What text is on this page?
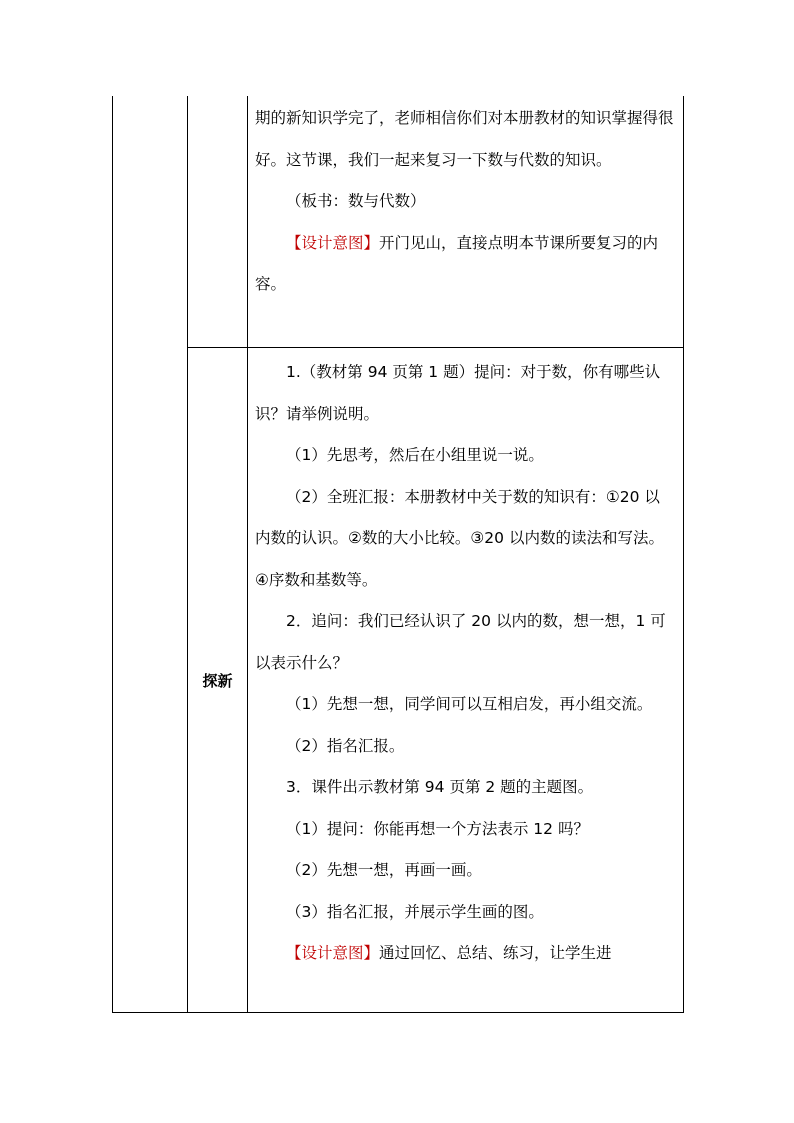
期的新知识学完了，老师相信你们对本册教材的知识掌握得很好。这节课，我们一起来复习一下数与代数的知识。

（板书：数与代数）

【设计意图】开门见山，直接点明本节课所要复习的内容。

探新

1.（教材第 94 页第 1 题）提问：对于数，你有哪些认识？请举例说明。

（1）先思考，然后在小组里说一说。

（2）全班汇报：本册教材中关于数的知识有：①20 以内数的认识。②数的大小比较。③20 以内数的读法和写法。④序数和基数等。

2．追问：我们已经认识了 20 以内的数，想一想，1 可以表示什么？

（1）先想一想，同学间可以互相启发，再小组交流。

（2）指名汇报。

3．课件出示教材第 94 页第 2 题的主题图。

（1）提问：你能再想一个方法表示 12 吗？

（2）先想一想，再画一画。

（3）指名汇报，并展示学生画的图。

【设计意图】通过回忆、总结、练习，让学生进
